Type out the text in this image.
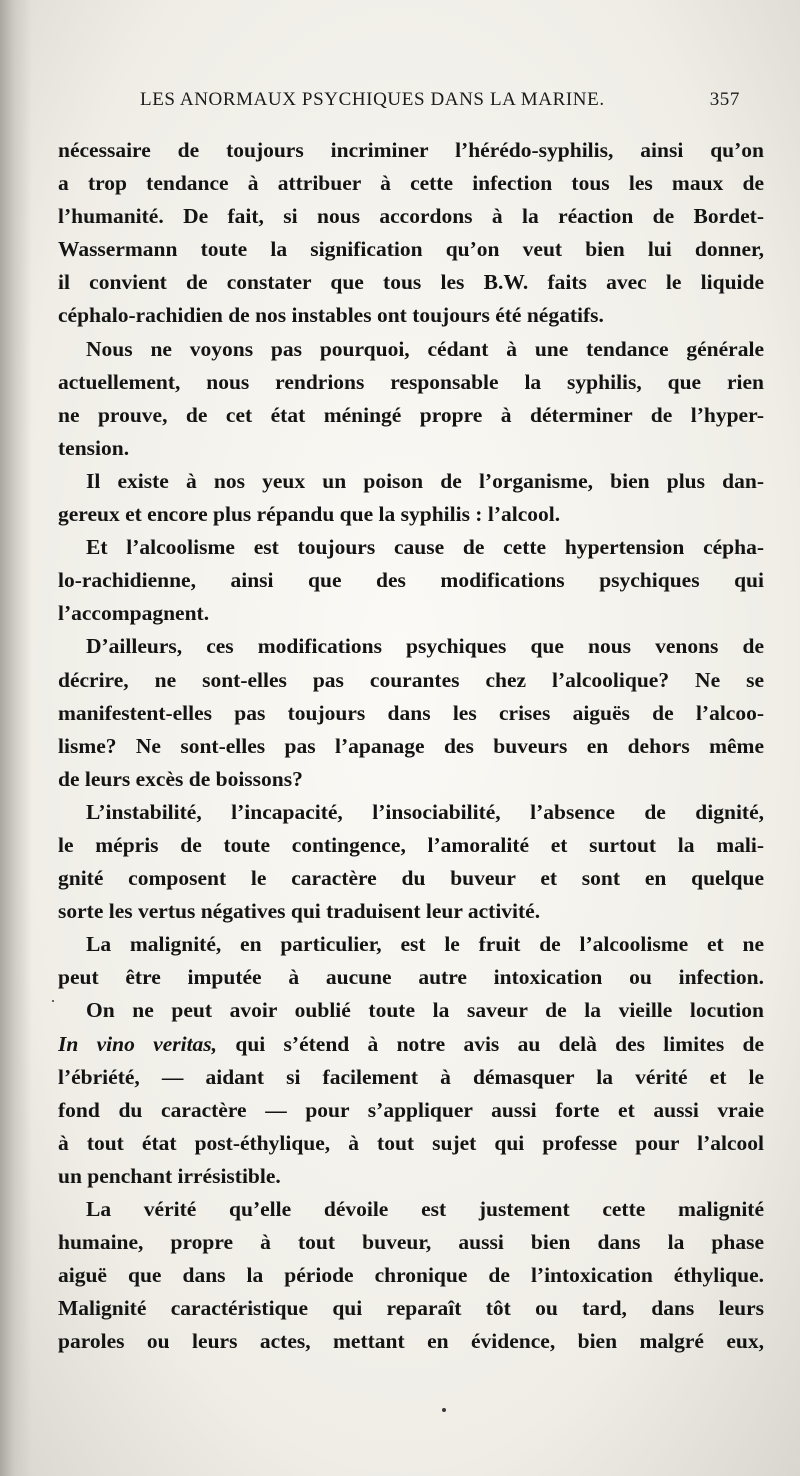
LES ANORMAUX PSYCHIQUES DANS LA MARINE.	357
nécessaire de toujours incriminer l’hérédo-syphilis, ainsi qu’on
a trop tendance à attribuer à cette infection tous les maux de
l’humanité. De fait, si nous accordons à la réaction de Bordet-
Wassermann toute la signification qu’on veut bien lui donner,
il convient de constater que tous les B.W. faits avec le liquide
céphalo-rachidien de nos instables ont toujours été négatifs.
Nous ne voyons pas pourquoi, cédant à une tendance générale
actuellement, nous rendrions responsable la syphilis, que rien
ne prouve, de cet état méningé propre à déterminer de l’hyper-
tension.
Il existe à nos yeux un poison de l’organisme, bien plus dan-
gereux et encore plus répandu que la syphilis : l’alcool.
Et l’alcoolisme est toujours cause de cette hypertension cépha-
lo-rachidienne, ainsi que des modifications psychiques qui
l’accompagnent.
D’ailleurs, ces modifications psychiques que nous venons de
décrire, ne sont-elles pas courantes chez l’alcoolique? Ne se
manifestent-elles pas toujours dans les crises aiguës de l’alcoo-
lisme? Ne sont-elles pas l’apanage des buveurs en dehors même
de leurs excès de boissons?
L’instabilité, l’incapacité, l’insociabilité, l’absence de dignité,
le mépris de toute contingence, l’amoralité et surtout la mali-
gnité composent le caractère du buveur et sont en quelque
sorte les vertus négatives qui traduisent leur activité.
La malignité, en particulier, est le fruit de l’alcoolisme et ne
peut être imputée à aucune autre intoxication ou infection.
On ne peut avoir oublié toute la saveur de la vieille locution
In vino veritas, qui s’étend à notre avis au delà des limites de
l’ébriété, — aidant si facilement à démasquer la vérité et le
fond du caractère — pour s’appliquer aussi forte et aussi vraie
à tout état post-éthylique, à tout sujet qui professe pour l’alcool
un penchant irrésistible.
La vérité qu’elle dévoile est justement cette malignité
humaine, propre à tout buveur, aussi bien dans la phase
aiguë que dans la période chronique de l’intoxication éthylique.
Malignité caractéristique qui reparaît tôt ou tard, dans leurs
paroles ou leurs actes, mettant en évidence, bien malgré eux,
